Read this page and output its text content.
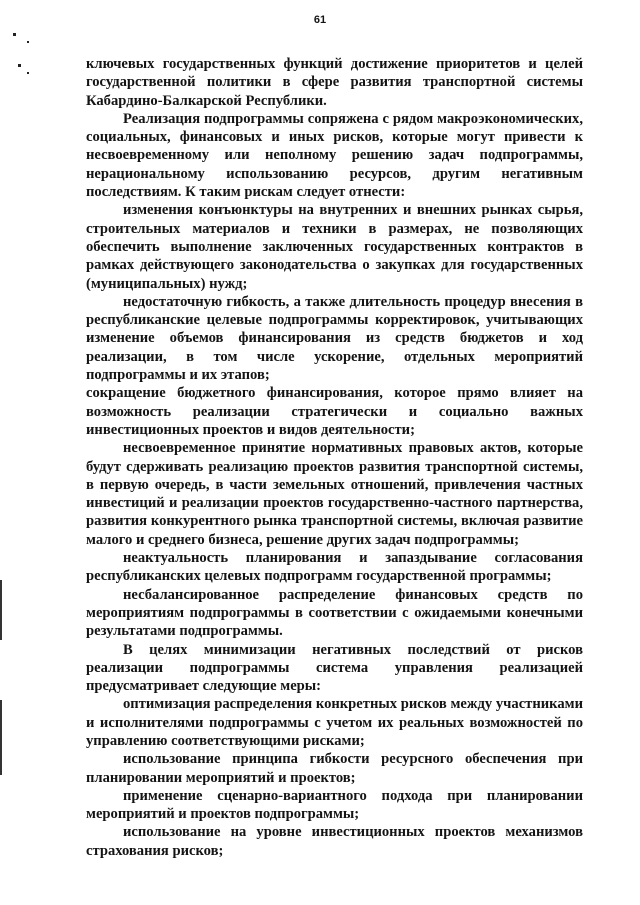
61

ключевых государственных функций достижение приоритетов и целей государственной политики в сфере развития транспортной системы Кабардино-Балкарской Республики.

Реализация подпрограммы сопряжена с рядом макроэкономических, социальных, финансовых и иных рисков, которые могут привести к несвоевременному или неполному решению задач подпрограммы, нерациональному использованию ресурсов, другим негативным последствиям. К таким рискам следует отнести:

изменения конъюнктуры на внутренних и внешних рынках сырья, строительных материалов и техники в размерах, не позволяющих обеспечить выполнение заключенных государственных контрактов в рамках действующего законодательства о закупках для государственных (муниципальных) нужд;

недостаточную гибкость, а также длительность процедур внесения в республиканские целевые подпрограммы корректировок, учитывающих изменение объемов финансирования из средств бюджетов и ход реализации, в том числе ускорение, отдельных мероприятий подпрограммы и их этапов;

сокращение бюджетного финансирования, которое прямо влияет на возможность реализации стратегически и социально важных инвестиционных проектов и видов деятельности;

несвоевременное принятие нормативных правовых актов, которые будут сдерживать реализацию проектов развития транспортной системы, в первую очередь, в части земельных отношений, привлечения частных инвестиций и реализации проектов государственно-частного партнерства, развития конкурентного рынка транспортной системы, включая развитие малого и среднего бизнеса, решение других задач подпрограммы;

неактуальность планирования и запаздывание согласования республиканских целевых подпрограмм государственной программы;

несбалансированное распределение финансовых средств по мероприятиям подпрограммы в соответствии с ожидаемыми конечными результатами подпрограммы.

В целях минимизации негативных последствий от рисков реализации подпрограммы система управления реализацией предусматривает следующие меры:

оптимизация распределения конкретных рисков между участниками и исполнителями подпрограммы с учетом их реальных возможностей по управлению соответствующими рисками;

использование принципа гибкости ресурсного обеспечения при планировании мероприятий и проектов;

применение сценарно-вариантного подхода при планировании мероприятий и проектов подпрограммы;

использование на уровне инвестиционных проектов механизмов страхования рисков;
